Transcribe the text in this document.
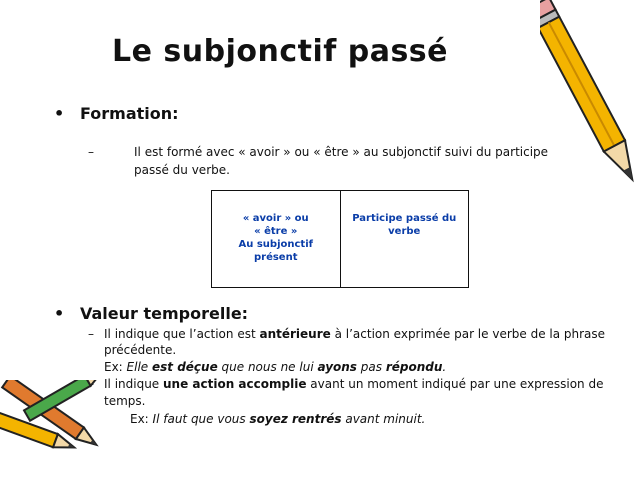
Le subjonctif passé
• Formation:
–	Il est formé avec « avoir » ou « être » au subjonctif suivi du participe
passé du verbe.
« avoir » ou
« être »
Au subjonctif
présent
Participe passé du
verbe
• Valeur temporelle:
– Il indique que l’action est antérieure à l’action exprimée par le verbe de la phrase
précédente.
Ex: Elle est déçue que nous ne lui ayons pas répondu.
Il indique une action accomplie avant un moment indiqué par une expression de
temps.
Ex: Il faut que vous soyez rentrés avant minuit.
